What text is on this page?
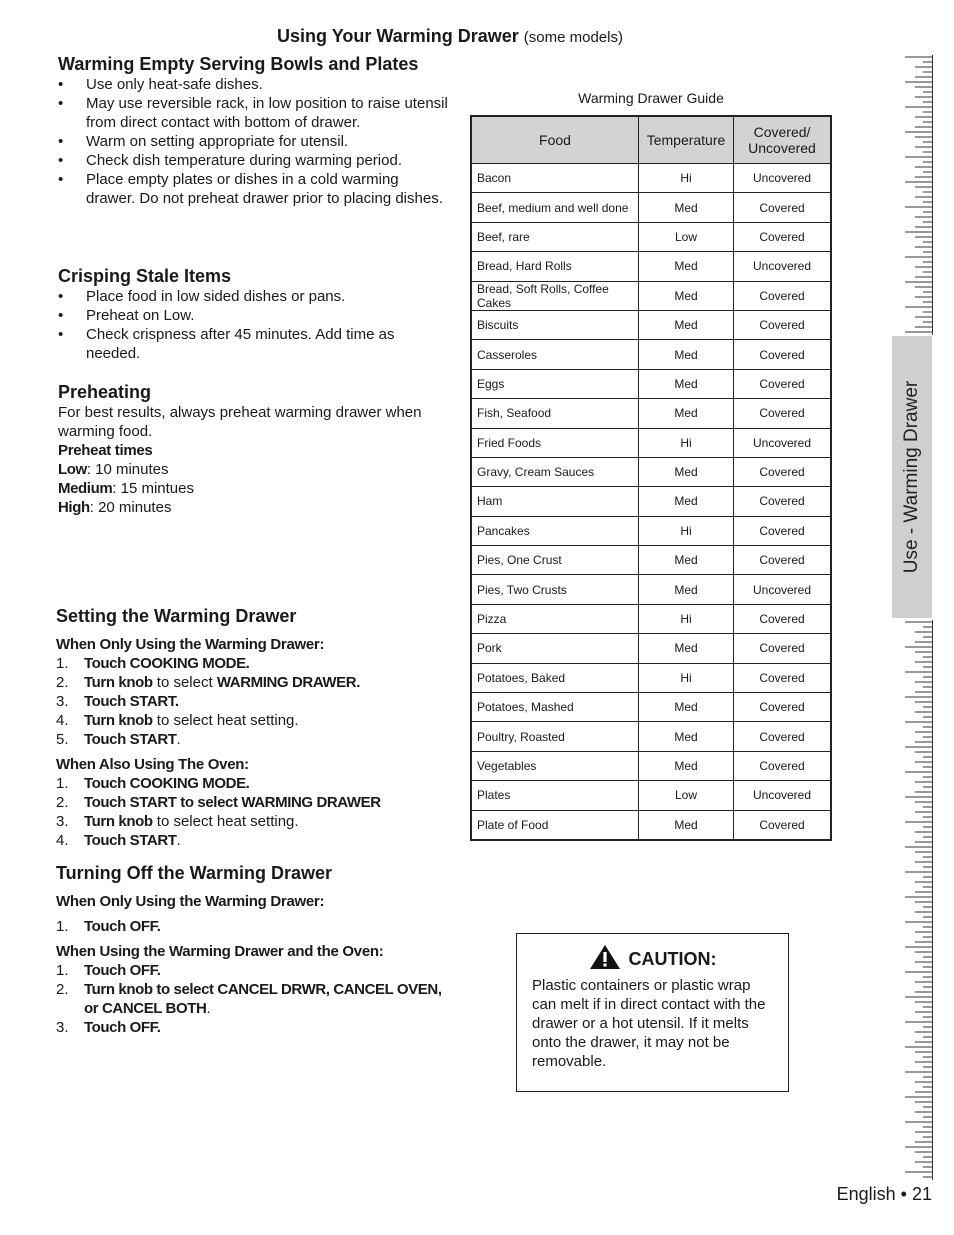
Using Your Warming Drawer (some models)
Warming Empty Serving Bowls and Plates
• Use only heat-safe dishes.
• May use reversible rack, in low position to raise utensil from direct contact with bottom of drawer.
• Warm on setting appropriate for utensil.
• Check dish temperature during warming period.
• Place empty plates or dishes in a cold warming drawer. Do not preheat drawer prior to placing dishes.
Crisping Stale Items
• Place food in low sided dishes or pans.
• Preheat on Low.
• Check crispness after 45 minutes. Add time as needed.
Preheating
For best results, always preheat warming drawer when warming food.
Preheat times
Low: 10 minutes
Medium: 15 mintues
High: 20 minutes
Setting the Warming Drawer
When Only Using the Warming Drawer:
1. Touch COOKING MODE.
2. Turn knob to select WARMING DRAWER.
3. Touch START.
4. Turn knob to select heat setting.
5. Touch START.
When Also Using The Oven:
1. Touch COOKING MODE.
2. Touch START to select WARMING DRAWER
3. Turn knob to select heat setting.
4. Touch START.
Turning Off the Warming Drawer
When Only Using the Warming Drawer:
1. Touch OFF.
When Using the Warming Drawer and the Oven:
1. Touch OFF.
2. Turn knob to select CANCEL DRWR, CANCEL OVEN, or CANCEL BOTH.
3. Touch OFF.
Warming Drawer Guide
Food	Temperature	Covered/ Uncovered
Bacon	Hi	Uncovered
Beef, medium and well done	Med	Covered
Beef, rare	Low	Covered
Bread, Hard Rolls	Med	Uncovered
Bread, Soft Rolls, Coffee Cakes	Med	Covered
Biscuits	Med	Covered
Casseroles	Med	Covered
Eggs	Med	Covered
Fish, Seafood	Med	Covered
Fried Foods	Hi	Uncovered
Gravy, Cream Sauces	Med	Covered
Ham	Med	Covered
Pancakes	Hi	Covered
Pies, One Crust	Med	Covered
Pies, Two Crusts	Med	Uncovered
Pizza	Hi	Covered
Pork	Med	Covered
Potatoes, Baked	Hi	Covered
Potatoes, Mashed	Med	Covered
Poultry, Roasted	Med	Covered
Vegetables	Med	Covered
Plates	Low	Uncovered
Plate of Food	Med	Covered
CAUTION:
Plastic containers or plastic wrap can melt if in direct contact with the drawer or a hot utensil. If it melts onto the drawer, it may not be removable.
Use - Warming Drawer
English • 21
